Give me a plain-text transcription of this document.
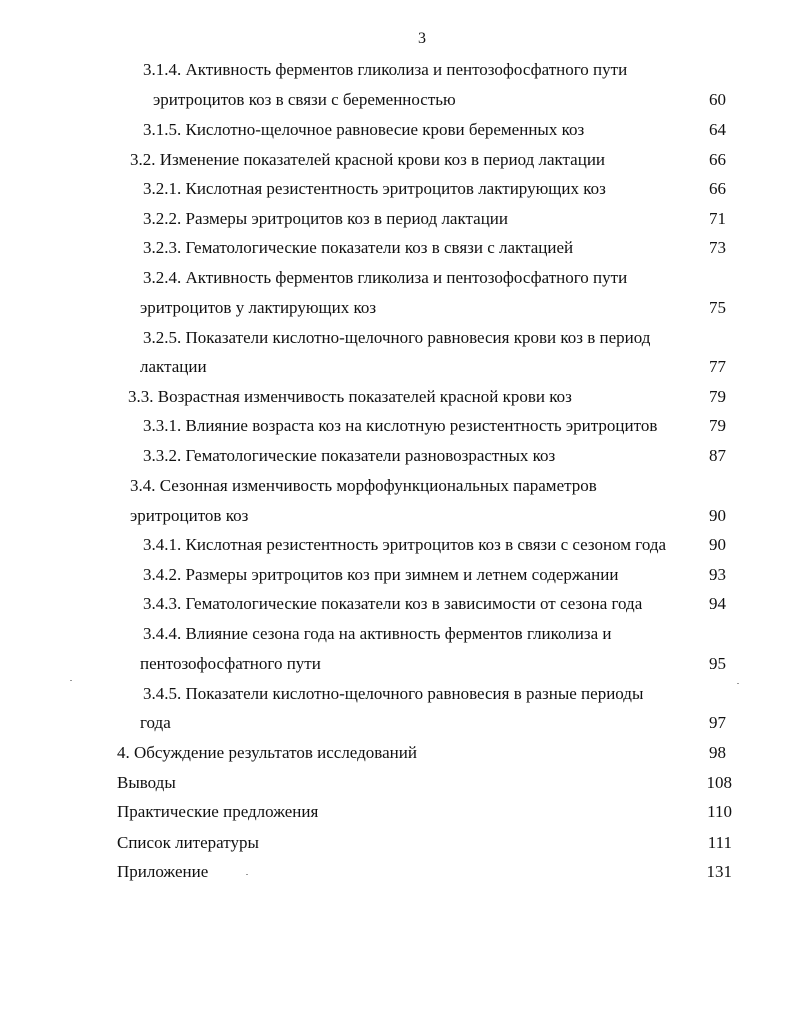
3
3.1.4. Активность ферментов гликолиза и пентозофосфатного пути
эритроцитов коз в связи с беременностью	60
3.1.5. Кислотно-щелочное равновесие крови беременных коз	64
3.2. Изменение показателей красной крови коз в период лактации	66
3.2.1. Кислотная резистентность эритроцитов лактирующих коз	66
3.2.2. Размеры эритроцитов коз в период лактации	71
3.2.3. Гематологические показатели коз в связи с лактацией	73
3.2.4. Активность ферментов гликолиза и пентозофосфатного пути
эритроцитов у лактирующих коз	75
3.2.5. Показатели кислотно-щелочного равновесия крови коз в период
лактации	77
3.3. Возрастная изменчивость показателей красной крови коз	79
3.3.1. Влияние возраста коз на кислотную резистентность эритроцитов	79
3.3.2. Гематологические показатели разновозрастных коз	87
3.4. Сезонная изменчивость морфофункциональных параметров
эритроцитов коз	90
3.4.1. Кислотная резистентность эритроцитов коз в связи с сезоном года	90
3.4.2. Размеры эритроцитов коз при зимнем и летнем содержании	93
3.4.3. Гематологические показатели коз в зависимости от сезона года	94
3.4.4. Влияние сезона года на активность ферментов гликолиза и
пентозофосфатного пути	95
3.4.5. Показатели кислотно-щелочного равновесия в разные периоды
года	97
4. Обсуждение результатов исследований	98
Выводы	108
Практические предложения	110
Список литературы	111
Приложение	131
